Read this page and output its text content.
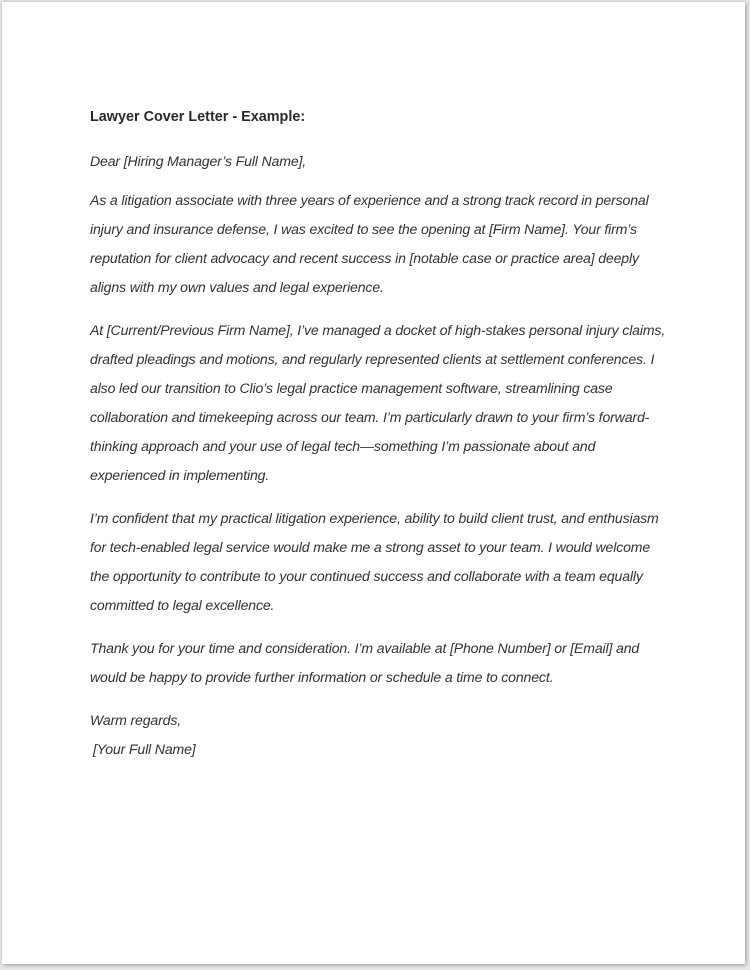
Lawyer Cover Letter - Example:

Dear [Hiring Manager’s Full Name],

As a litigation associate with three years of experience and a strong track record in personal injury and insurance defense, I was excited to see the opening at [Firm Name]. Your firm’s reputation for client advocacy and recent success in [notable case or practice area] deeply aligns with my own values and legal experience.

At [Current/Previous Firm Name], I’ve managed a docket of high-stakes personal injury claims, drafted pleadings and motions, and regularly represented clients at settlement conferences. I also led our transition to Clio’s legal practice management software, streamlining case collaboration and timekeeping across our team. I’m particularly drawn to your firm’s forward-thinking approach and your use of legal tech—something I’m passionate about and experienced in implementing.

I’m confident that my practical litigation experience, ability to build client trust, and enthusiasm for tech-enabled legal service would make me a strong asset to your team. I would welcome the opportunity to contribute to your continued success and collaborate with a team equally committed to legal excellence.

Thank you for your time and consideration. I’m available at [Phone Number] or [Email] and would be happy to provide further information or schedule a time to connect.

Warm regards,

[Your Full Name]
